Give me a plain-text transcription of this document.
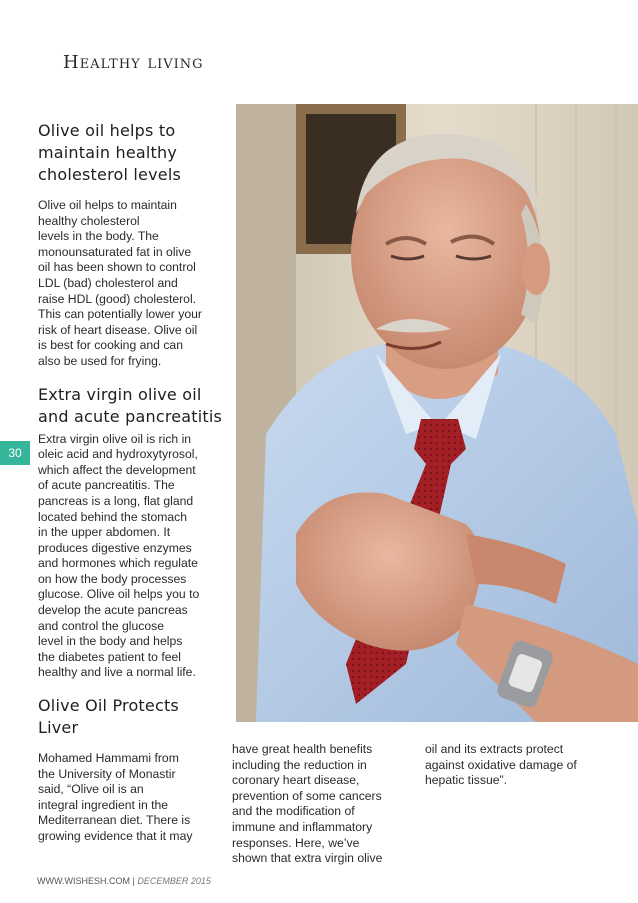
Healthy living
Olive oil helps to
maintain healthy
cholesterol levels

Olive oil helps to maintain
healthy cholesterol
levels in the body. The
monounsaturated fat in olive
oil has been shown to control
LDL (bad) cholesterol and
raise HDL (good) cholesterol.
This can potentially lower your
risk of heart disease. Olive oil
is best for cooking and can
also be used for frying.

Extra virgin olive oil
and acute pancreatitis

Extra virgin olive oil is rich in
oleic acid and hydroxytyrosol,
which affect the development
of acute pancreatitis. The
pancreas is a long, flat gland
located behind the stomach
in the upper abdomen. It
produces digestive enzymes
and hormones which regulate
on how the body processes
glucose. Olive oil helps you to
develop the acute pancreas
and control the glucose
level in the body and helps
the diabetes patient to feel
healthy and live a normal life.

Olive Oil Protects
Liver

Mohamed Hammami from
the University of Monastir
said, “Olive oil is an
integral ingredient in the
Mediterranean diet. There is
growing evidence that it may

30

have great health benefits
including the reduction in
coronary heart disease,
prevention of some cancers
and the modification of
immune and inflammatory
responses. Here, we’ve
shown that extra virgin olive

oil and its extracts protect
against oxidative damage of
hepatic tissue”.

WWW.WISHESH.COM | DECEMBER 2015
